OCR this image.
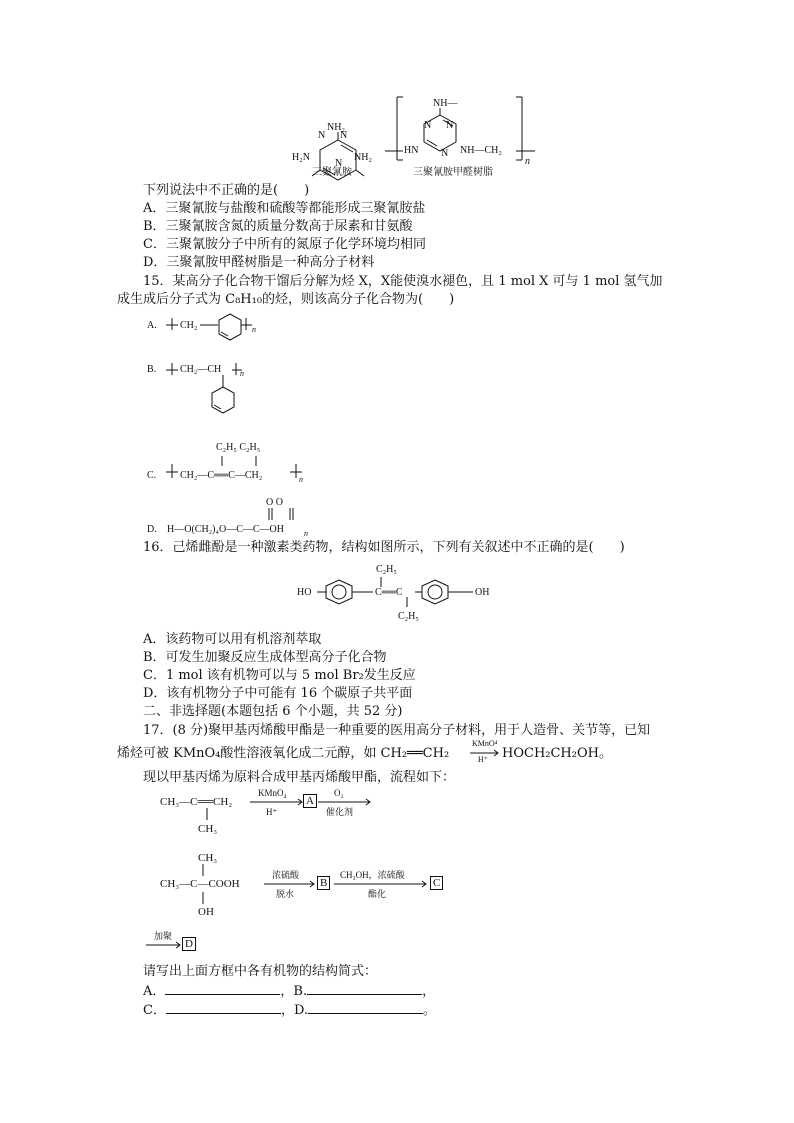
NH₂
H₂N	NH₂
N N
N
三聚氰胺
NH—
HN	NH—CH₂
N N
N
n
三聚氰胺甲醛树脂
下列说法中不正确的是(　　)
A．三聚氰胺与盐酸和硫酸等都能形成三聚氰胺盐
B．三聚氰胺含氮的质量分数高于尿素和甘氨酸
C．三聚氰胺分子中所有的氮原子化学环境均相同
D．三聚氰胺甲醛树脂是一种高分子材料
15．某高分子化合物干馏后分解为烃 X，X能使溴水褪色，且 1 mol X 可与 1 mol 氢气加
成生成后分子式为 C₈H₁₀的烃，则该高分子化合物为(　　)
A. CH₂	n
B. CH₂—CH n
C.
C₂H₅ C₂H₅
CH₂—C══C—CH₂	n
D.
O O
H—O(CH₂)₄O—C—C—OH	n
16．己烯雌酚是一种激素类药物，结构如图所示，下列有关叙述中不正确的是(　　)
HO	C══C
C₂H₅
C₂H₅
OH
A．该药物可以用有机溶剂萃取
B．可发生加聚反应生成体型高分子化合物
C．1 mol 该有机物可以与 5 mol Br₂发生反应
D．该有机物分子中可能有 16 个碳原子共平面
二、非选择题(本题包括 6 个小题，共 52 分)
17．(8 分)聚甲基丙烯酸甲酯是一种重要的医用高分子材料，用于人造骨、关节等，已知
烯烃可被 KMnO₄酸性溶液氧化成二元醇，如 CH₂══CH₂
KMnO⁴
H⁺ HOCH₂CH₂OH。
现以甲基丙烯为原料合成甲基丙烯酸甲酯，流程如下：
CH₃—C══CH₂
CH₃
KMnO₄
H⁺
A
O₂
催化剂
CH₃
CH₃—C—COOH
OH
浓硫酸
脱水
B
CH₃OH，浓硫酸
酯化
C
加聚
D
请写出上面方框中各有机物的结构简式：
A．	，B.	，
C．	，D.	。
